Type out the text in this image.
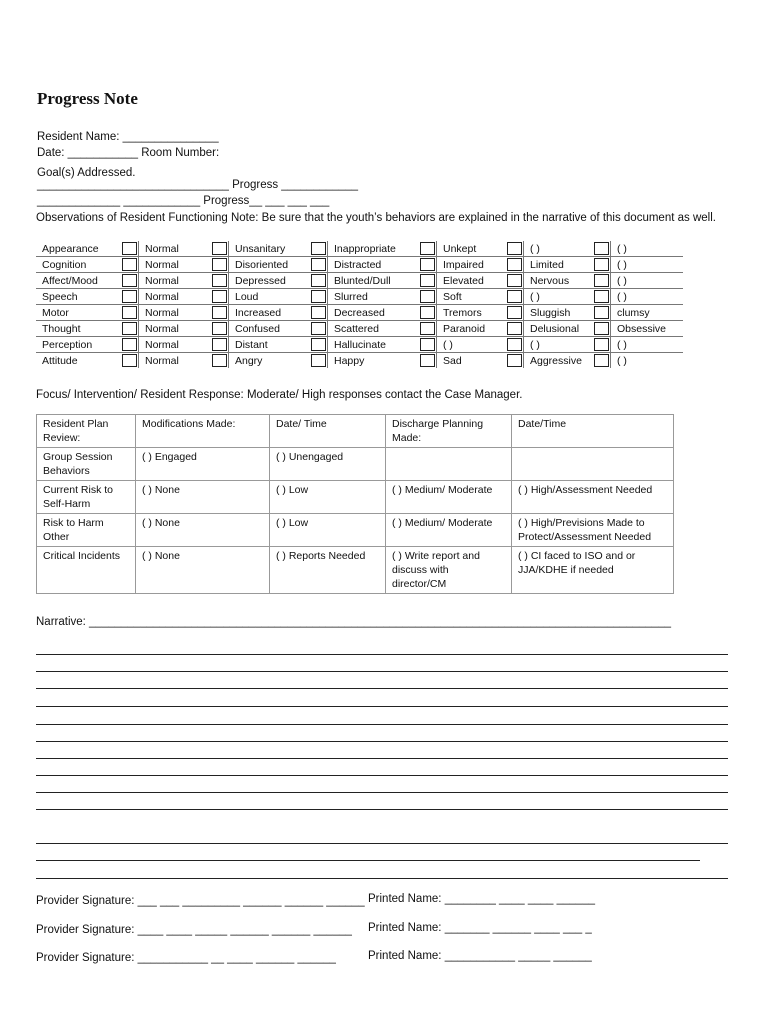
Progress Note
Resident Name: _______________
Date: ___________ Room Number:
Goal(s) Addressed.
______________________________ Progress ____________
_____________ ____________ Progress__ ___ ___ ___
Observations of Resident Functioning Note: Be sure that the youth’s behaviors are explained in the narrative of this document as well.
Appearance		Normal		Unsanitary		Inappropriate		Unkept		( )		( )
Cognition		Normal		Disoriented		Distracted		Impaired		Limited		( )
Affect/Mood		Normal		Depressed		Blunted/Dull		Elevated		Nervous		( )
Speech		Normal		Loud		Slurred		Soft		( )		( )
Motor		Normal		Increased		Decreased		Tremors		Sluggish		clumsy
Thought		Normal		Confused		Scattered		Paranoid		Delusional		Obsessive
Perception		Normal		Distant		Hallucinate		( )		( )		( )
Attitude		Normal		Angry		Happy		Sad		Aggressive		( )
Focus/ Intervention/ Resident Response: Moderate/ High responses contact the Case Manager.
Resident Plan Review:	Modifications Made:	Date/ Time	Discharge Planning Made:	Date/Time
Group Session Behaviors	( ) Engaged	( ) Unengaged		
Current Risk to Self-Harm	( ) None	( ) Low	( ) Medium/ Moderate	( ) High/Assessment Needed
Risk to Harm Other	( ) None	( ) Low	( ) Medium/ Moderate	( ) High/Previsions Made to Protect/Assessment Needed
Critical Incidents	( ) None	( ) Reports Needed	( ) Write report and discuss with director/CM	( ) CI faced to ISO and or JJA/KDHE if needed
Narrative: ___________________________________________________________________________________________
Provider Signature: ___ ___ _________ ______ ______ ______ Printed Name: ________ ____ ____ ______
Provider Signature: ____ ____ _____ ______ ______ ______ Printed Name: _______ ______ ____ ___ _
Provider Signature: ___________ __ ____ ______ ______	Printed Name: ___________ _____ ______
